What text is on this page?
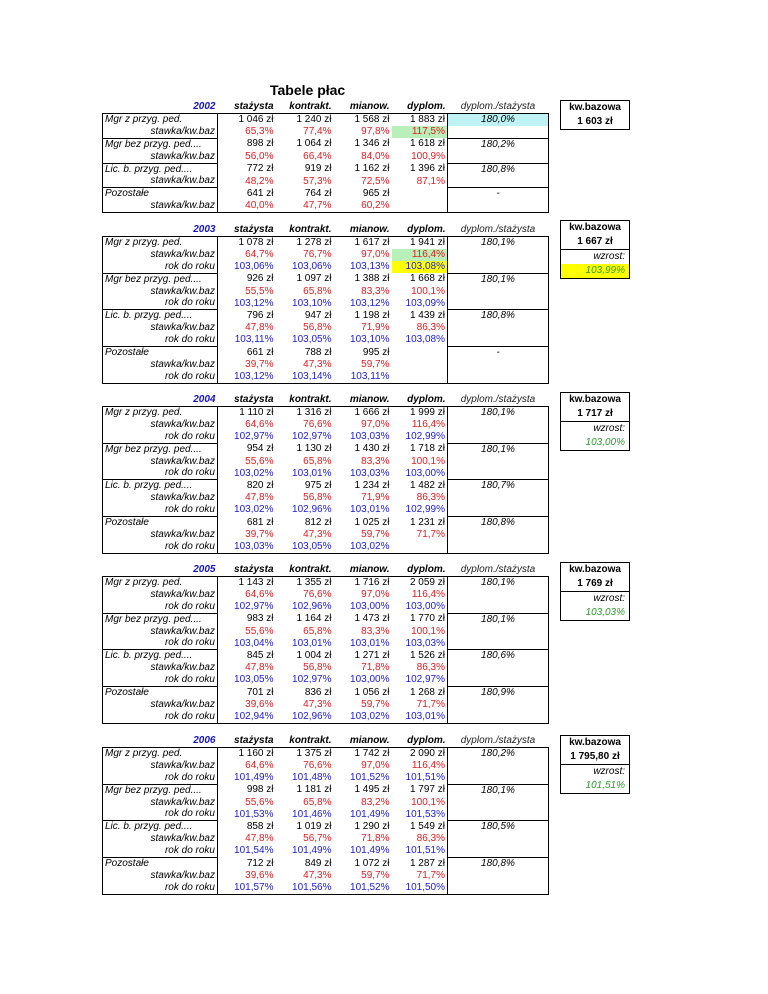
Tabele płac
2002	stażysta	kontrakt.	mianow.	dyplom.	dyplom./stażysta
Mgr z przyg. ped.	1 046 zł	1 240 zł	1 568 zł	1 883 zł	180,0%
stawka/kw.baz	65,3%	77,4%	97,8%	117,5%	
Mgr bez przyg. ped....	898 zł	1 064 zł	1 346 zł	1 618 zł	180,2%
stawka/kw.baz	56,0%	66,4%	84,0%	100,9%	
Lic. b. przyg. ped....	772 zł	919 zł	1 162 zł	1 396 zł	180,8%
stawka/kw.baz	48,2%	57,3%	72,5%	87,1%	
Pozostałe	641 zł	764 zł	965 zł		-
stawka/kw.baz	40,0%	47,7%	60,2%		
kw.bazowa
1 603 zł
2003	stażysta	kontrakt.	mianow.	dyplom.	dyplom./stażysta
Mgr z przyg. ped.	1 078 zł	1 278 zł	1 617 zł	1 941 zł	180,1%
stawka/kw.baz	64,7%	76,7%	97,0%	116,4%	
rok do roku	103,06%	103,06%	103,13%	103,08%	
Mgr bez przyg. ped....	926 zł	1 097 zł	1 388 zł	1 668 zł	180,1%
stawka/kw.baz	55,5%	65,8%	83,3%	100,1%	
rok do roku	103,12%	103,10%	103,12%	103,09%	
Lic. b. przyg. ped....	796 zł	947 zł	1 198 zł	1 439 zł	180,8%
stawka/kw.baz	47,8%	56,8%	71,9%	86,3%	
rok do roku	103,11%	103,05%	103,10%	103,08%	
Pozostałe	661 zł	788 zł	995 zł		-
stawka/kw.baz	39,7%	47,3%	59,7%		
rok do roku	103,12%	103,14%	103,11%		
kw.bazowa
1 667 zł
wzrost:
103,99%
2004	stażysta	kontrakt.	mianow.	dyplom.	dyplom./stażysta
Mgr z przyg. ped.	1 110 zł	1 316 zł	1 666 zł	1 999 zł	180,1%
stawka/kw.baz	64,6%	76,6%	97,0%	116,4%	
rok do roku	102,97%	102,97%	103,03%	102,99%	
Mgr bez przyg. ped....	954 zł	1 130 zł	1 430 zł	1 718 zł	180,1%
stawka/kw.baz	55,6%	65,8%	83,3%	100,1%	
rok do roku	103,02%	103,01%	103,03%	103,00%	
Lic. b. przyg. ped....	820 zł	975 zł	1 234 zł	1 482 zł	180,7%
stawka/kw.baz	47,8%	56,8%	71,9%	86,3%	
rok do roku	103,02%	102,96%	103,01%	102,99%	
Pozostałe	681 zł	812 zł	1 025 zł	1 231 zł	180,8%
stawka/kw.baz	39,7%	47,3%	59,7%	71,7%	
rok do roku	103,03%	103,05%	103,02%		
kw.bazowa
1 717 zł
wzrost:
103,00%
2005	stażysta	kontrakt.	mianow.	dyplom.	dyplom./stażysta
Mgr z przyg. ped.	1 143 zł	1 355 zł	1 716 zł	2 059 zł	180,1%
stawka/kw.baz	64,6%	76,6%	97,0%	116,4%	
rok do roku	102,97%	102,96%	103,00%	103,00%	
Mgr bez przyg. ped....	983 zł	1 164 zł	1 473 zł	1 770 zł	180,1%
stawka/kw.baz	55,6%	65,8%	83,3%	100,1%	
rok do roku	103,04%	103,01%	103,01%	103,03%	
Lic. b. przyg. ped....	845 zł	1 004 zł	1 271 zł	1 526 zł	180,6%
stawka/kw.baz	47,8%	56,8%	71,8%	86,3%	
rok do roku	103,05%	102,97%	103,00%	102,97%	
Pozostałe	701 zł	836 zł	1 056 zł	1 268 zł	180,9%
stawka/kw.baz	39,6%	47,3%	59,7%	71,7%	
rok do roku	102,94%	102,96%	103,02%	103,01%	
kw.bazowa
1 769 zł
wzrost:
103,03%
2006	stażysta	kontrakt.	mianow.	dyplom.	dyplom./stażysta
Mgr z przyg. ped.	1 160 zł	1 375 zł	1 742 zł	2 090 zł	180,2%
stawka/kw.baz	64,6%	76,6%	97,0%	116,4%	
rok do roku	101,49%	101,48%	101,52%	101,51%	
Mgr bez przyg. ped....	998 zł	1 181 zł	1 495 zł	1 797 zł	180,1%
stawka/kw.baz	55,6%	65,8%	83,2%	100,1%	
rok do roku	101,53%	101,46%	101,49%	101,53%	
Lic. b. przyg. ped....	858 zł	1 019 zł	1 290 zł	1 549 zł	180,5%
stawka/kw.baz	47,8%	56,7%	71,8%	86,3%	
rok do roku	101,54%	101,49%	101,49%	101,51%	
Pozostałe	712 zł	849 zł	1 072 zł	1 287 zł	180,8%
stawka/kw.baz	39,6%	47,3%	59,7%	71,7%	
rok do roku	101,57%	101,56%	101,52%	101,50%	
kw.bazowa
1 795,80 zł
wzrost:
101,51%
